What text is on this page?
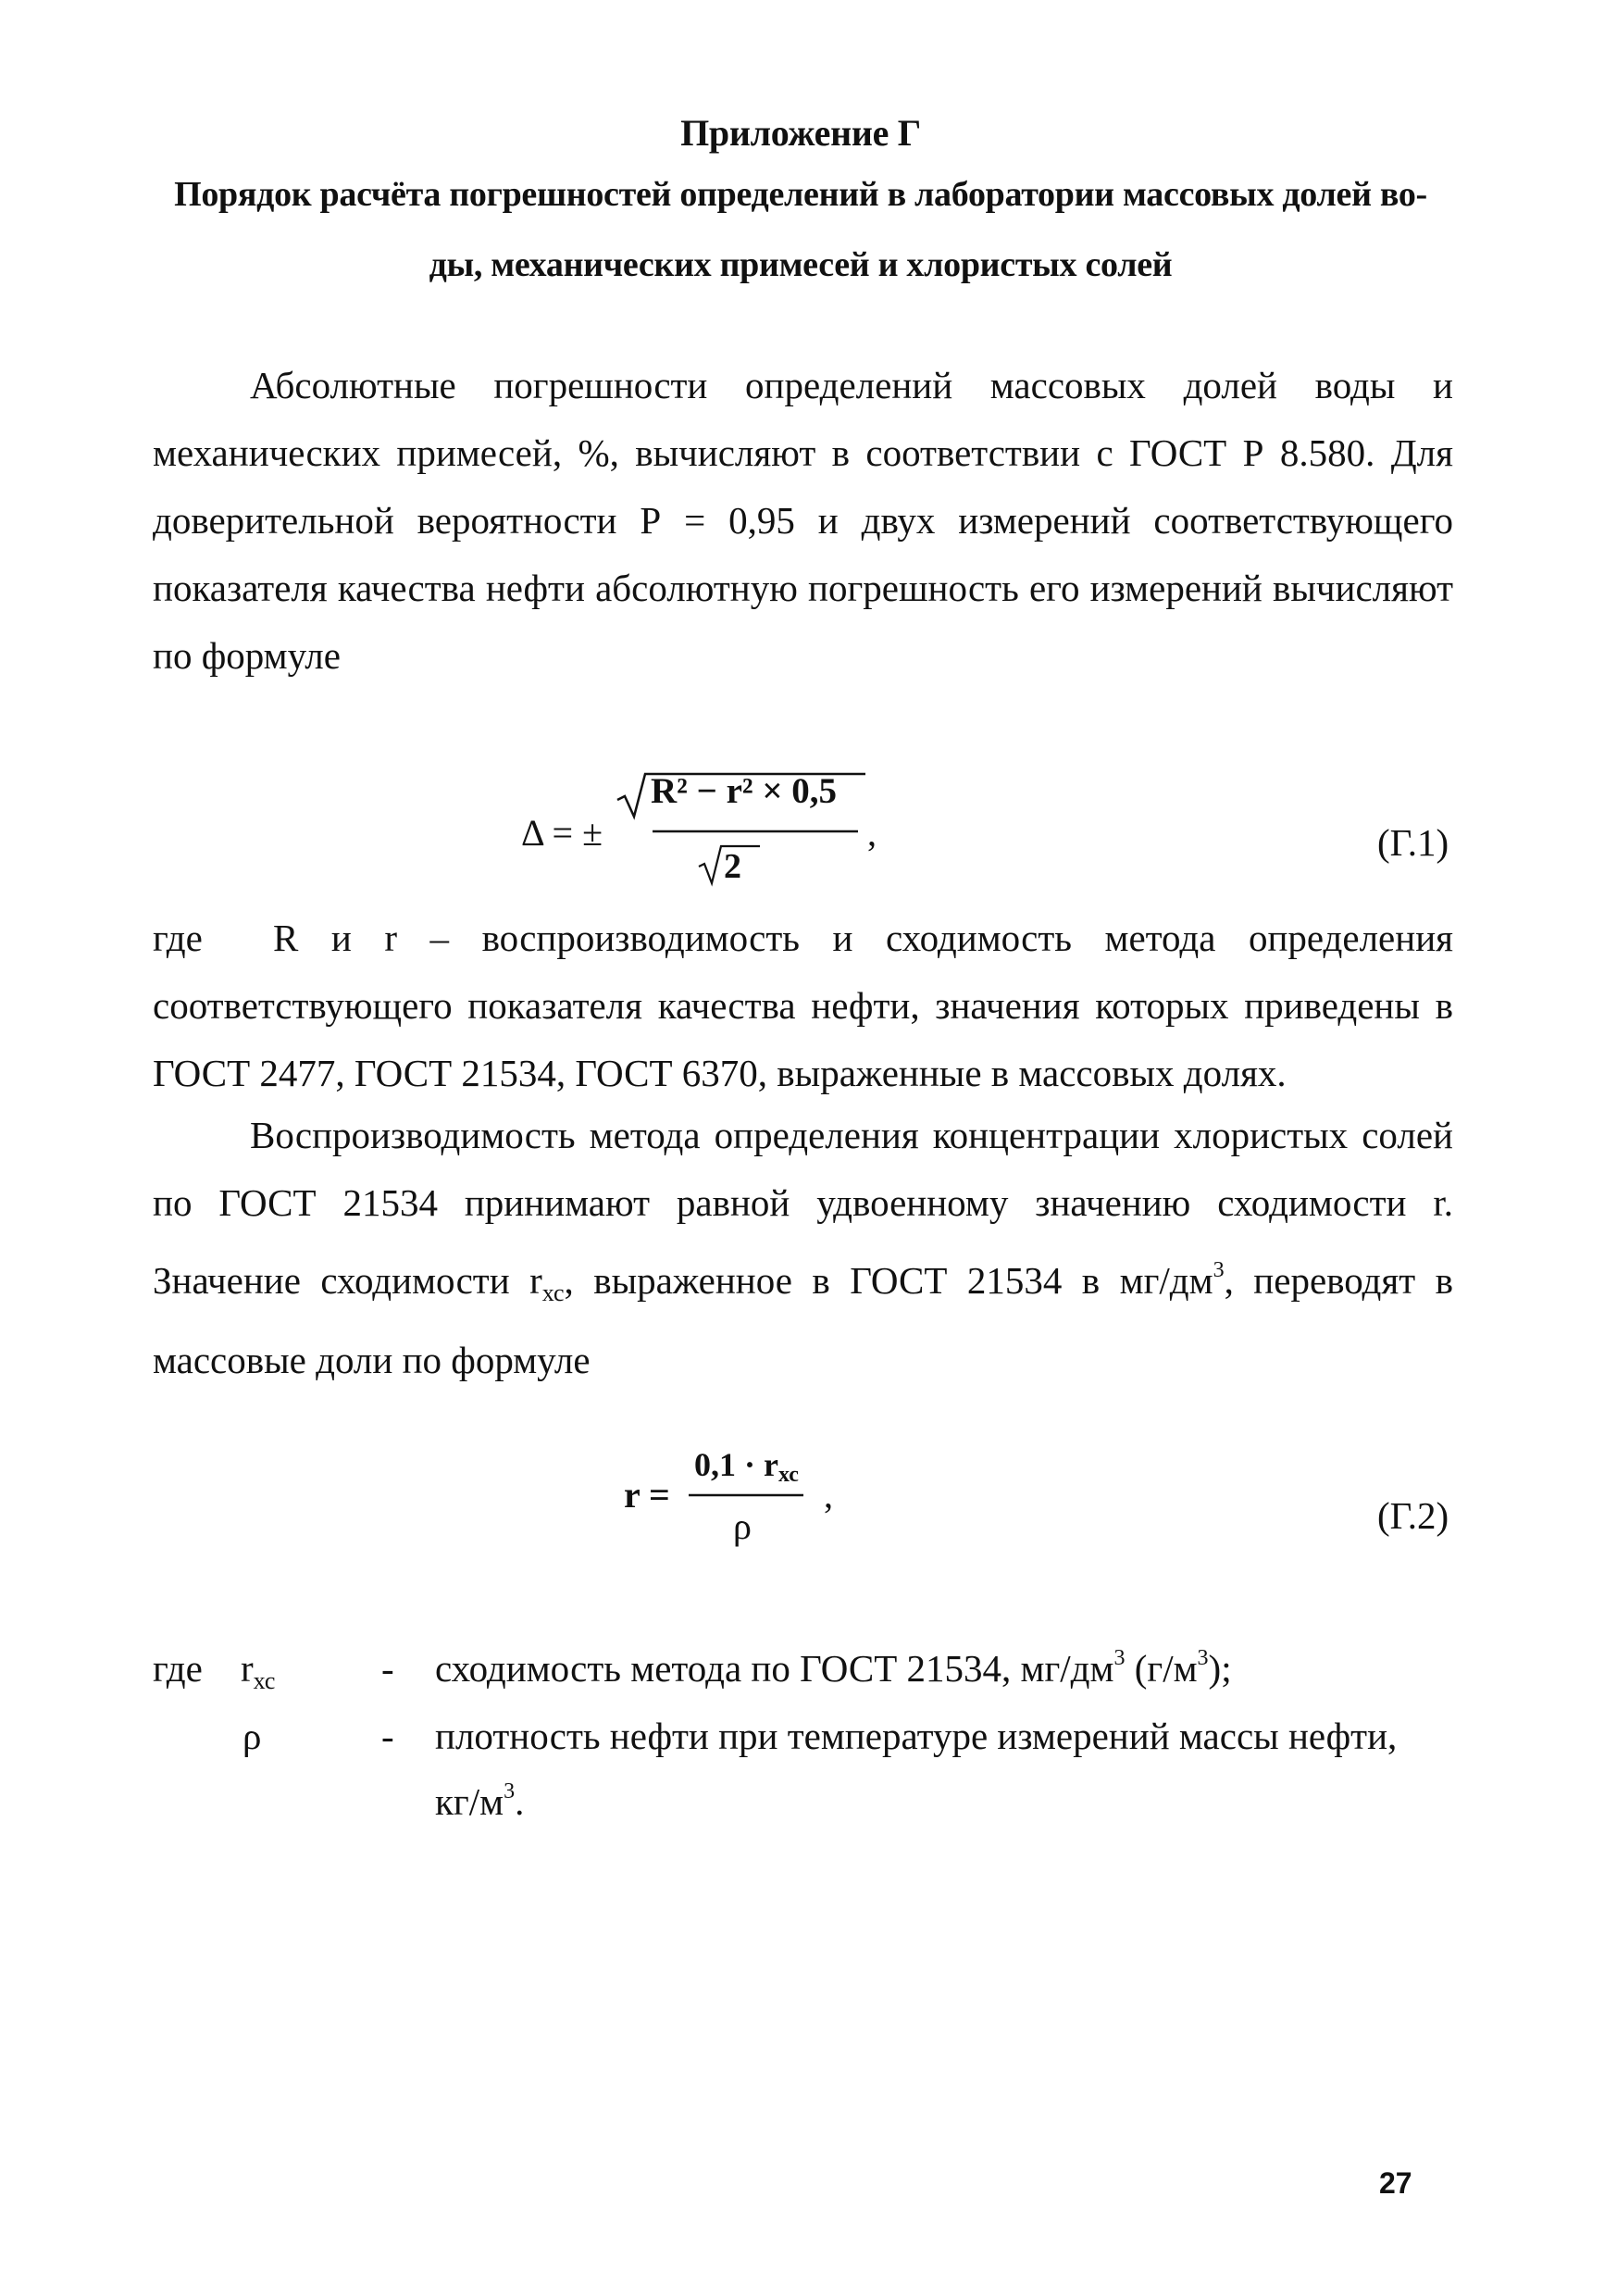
Приложение Г
Порядок расчёта погрешностей определений в лаборатории массовых долей во-
ды, механических примесей и хлористых солей

Абсолютные погрешности определений массовых долей воды и механических примесей, %, вычисляют в соответствии с ГОСТ Р 8.580. Для доверительной вероятности Р = 0,95 и двух измерений соответствующего показателя качества нефти абсолютную погрешность его измерений вычисляют по формуле

Δ = ±
R² − r² × 0,5
2
,	(Г.1)
где R и r – воспроизводимость и сходимость метода определения соответствующего показателя качества нефти, значения которых приведены в ГОСТ 2477, ГОСТ 21534, ГОСТ 6370, выраженные в массовых долях.

Воспроизводимость метода определения концентрации хлористых солей по ГОСТ 21534 принимают равной удвоенному значению сходимости r. Значение сходимости $r_{хс}$, выраженное в ГОСТ 21534 в $мг/дм^3$, переводят в массовые доли по формуле

r =
0,1 · rхс
ρ
,	(Г.2)
где $r_{хс}$	- сходимость метода по ГОСТ 21534, $мг/дм^3$ $(г/м^3)$;
ρ	- плотность нефти при температуре измерений массы нефти,
$кг/м^3$.
27
